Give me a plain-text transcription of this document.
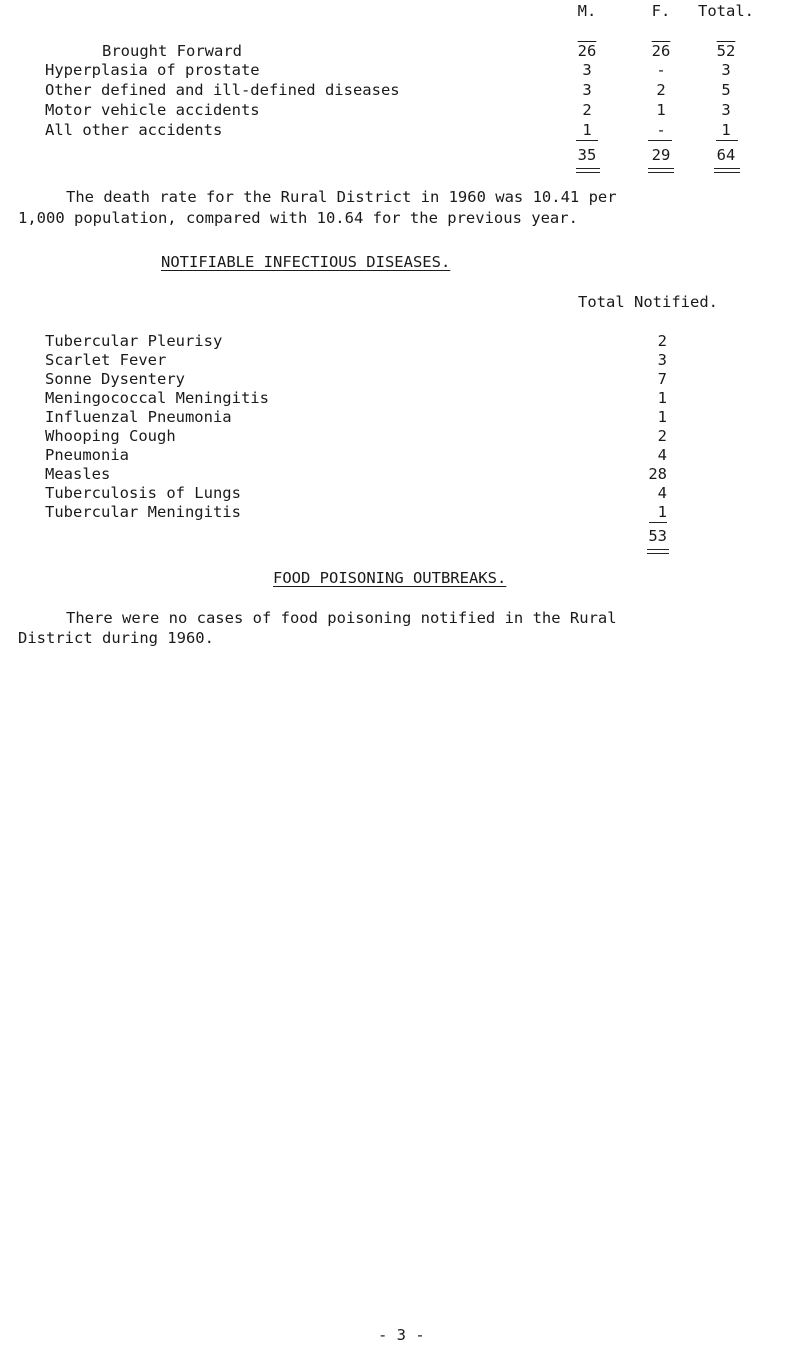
M.	F.	Total.
Brought Forward	26	26	52
Hyperplasia of prostate	3	-	3
Other defined and ill-defined diseases	3	2	5
Motor vehicle accidents	2	1	3
All other accidents	1	-	1
35	29	64
The death rate for the Rural District in 1960 was 10.41 per
1,000 population, compared with 10.64 for the previous year.
NOTIFIABLE INFECTIOUS DISEASES.
Total Notified.
Tubercular Pleurisy	2
Scarlet Fever	3
Sonne Dysentery	7
Meningococcal Meningitis	1
Influenzal Pneumonia	1
Whooping Cough	2
Pneumonia	4
Measles	28
Tuberculosis of Lungs	4
Tubercular Meningitis	1
53
FOOD POISONING OUTBREAKS.
There were no cases of food poisoning notified in the Rural
District during 1960.
- 3 -
